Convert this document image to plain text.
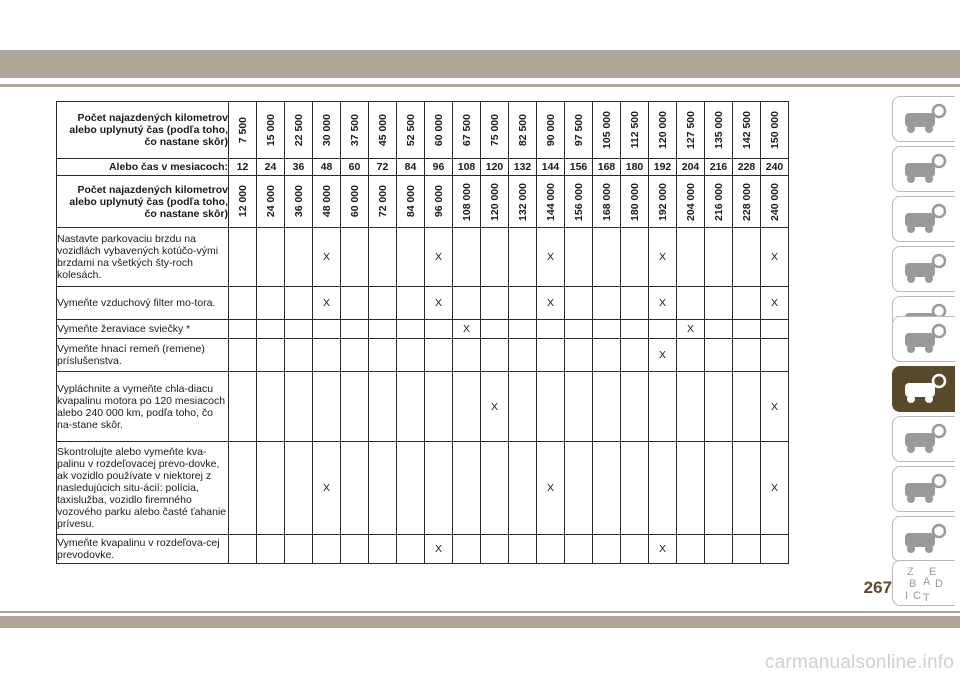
Počet najazdených kilometrov alebo uplynutý čas (podľa toho, čo nastane skôr)	7 500	15 000	22 500	30 000	37 500	45 000	52 500	60 000	67 500	75 000	82 500	90 000	97 500	105 000	112 500	120 000	127 500	135 000	142 500	150 000

Alebo čas v mesiacoch:	12	24	36	48	60	72	84	96	108	120	132	144	156	168	180	192	204	216	228	240
Počet najazdených kilometrov alebo uplynutý čas (podľa toho, čo nastane skôr)	12 000	24 000	36 000	48 000	60 000	72 000	84 000	96 000	108 000	120 000	132 000	144 000	156 000	168 000	180 000	192 000	204 000	216 000	228 000	240 000

Nastavte parkovaciu brzdu na vozidlách vybavených kotúčo-vými brzdami na všetkých šty-roch kolesách.				X				X				X				X				X
Vymeňte vzduchový filter mo-tora.				X				X				X				X				X
Vymeňte žeraviace sviečky *									X								X			
Vymeňte hnací remeň (remene) príslušenstva.																X				
Vypláchnite a vymeňte chla-diacu kvapalinu motora po 120 mesiacoch alebo 240 000 km, podľa toho, čo na-stane skôr.										X										X
Skontrolujte alebo vymeňte kva-palinu v rozdeľovacej prevo-dovke, ak vozidlo používate v niektorej z nasledujúcich situ-ácií: polícia, taxislužba, vozidlo firemného vozového parku alebo časté ťahanie prívesu.				X								X								X
Vymeňte kvapalinu v rozdeľova-cej prevodovke.								X								X				
267
carmanualsonline.info
Z E
B D
A
I C T
